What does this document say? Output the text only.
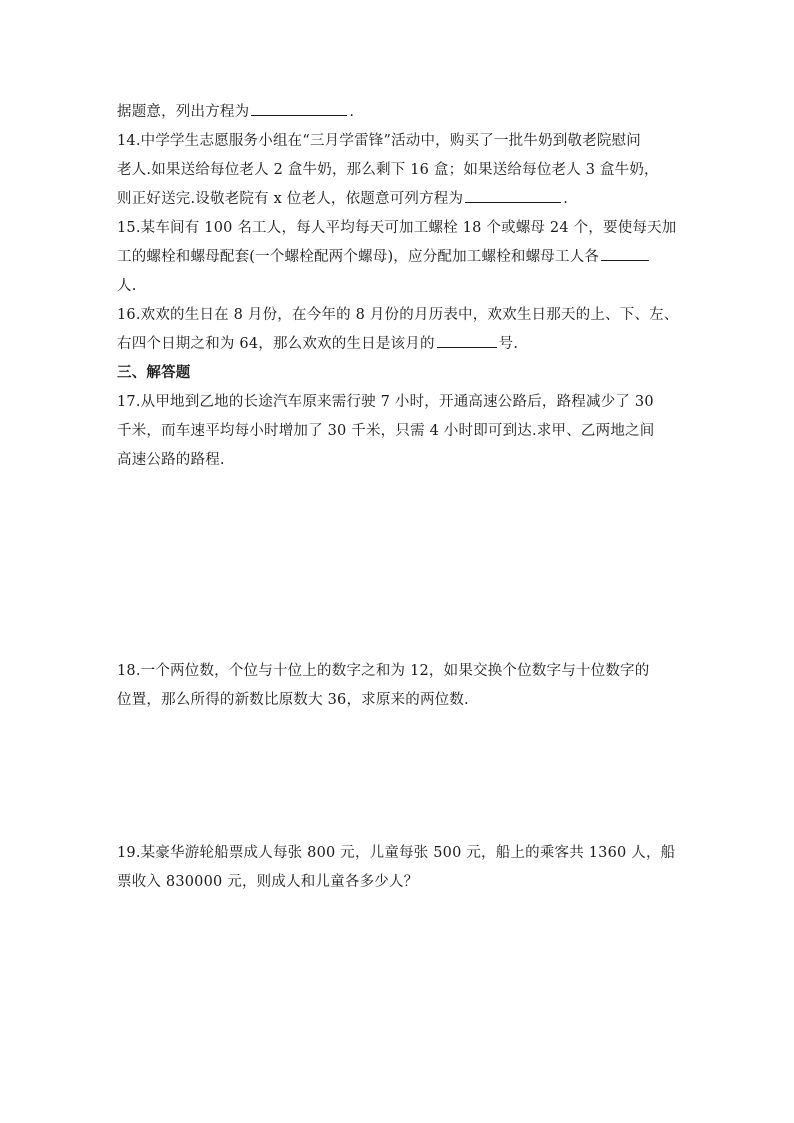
据题意，列出方程为	.
14.中学学生志愿服务小组在“三月学雷锋”活动中，购买了一批牛奶到敬老院慰问
老人.如果送给每位老人 2 盒牛奶，那么剩下 16 盒；如果送给每位老人 3 盒牛奶，
则正好送完.设敬老院有 x 位老人，依题意可列方程为	.
15.某车间有 100 名工人，每人平均每天可加工螺栓 18 个或螺母 24 个，要使每天加
工的螺栓和螺母配套(一个螺栓配两个螺母)，应分配加工螺栓和螺母工人各
人.
16.欢欢的生日在 8 月份，在今年的 8 月份的月历表中，欢欢生日那天的上、下、左、
右四个日期之和为 64，那么欢欢的生日是该月的	号.
三、解答题
17.从甲地到乙地的长途汽车原来需行驶 7 小时，开通高速公路后，路程减少了 30
千米，而车速平均每小时增加了 30 千米，只需 4 小时即可到达.求甲、乙两地之间
高速公路的路程.
18.一个两位数，个位与十位上的数字之和为 12，如果交换个位数字与十位数字的
位置，那么所得的新数比原数大 36，求原来的两位数.
19.某豪华游轮船票成人每张 800 元，儿童每张 500 元，船上的乘客共 1360 人，船
票收入 830000 元，则成人和儿童各多少人？
